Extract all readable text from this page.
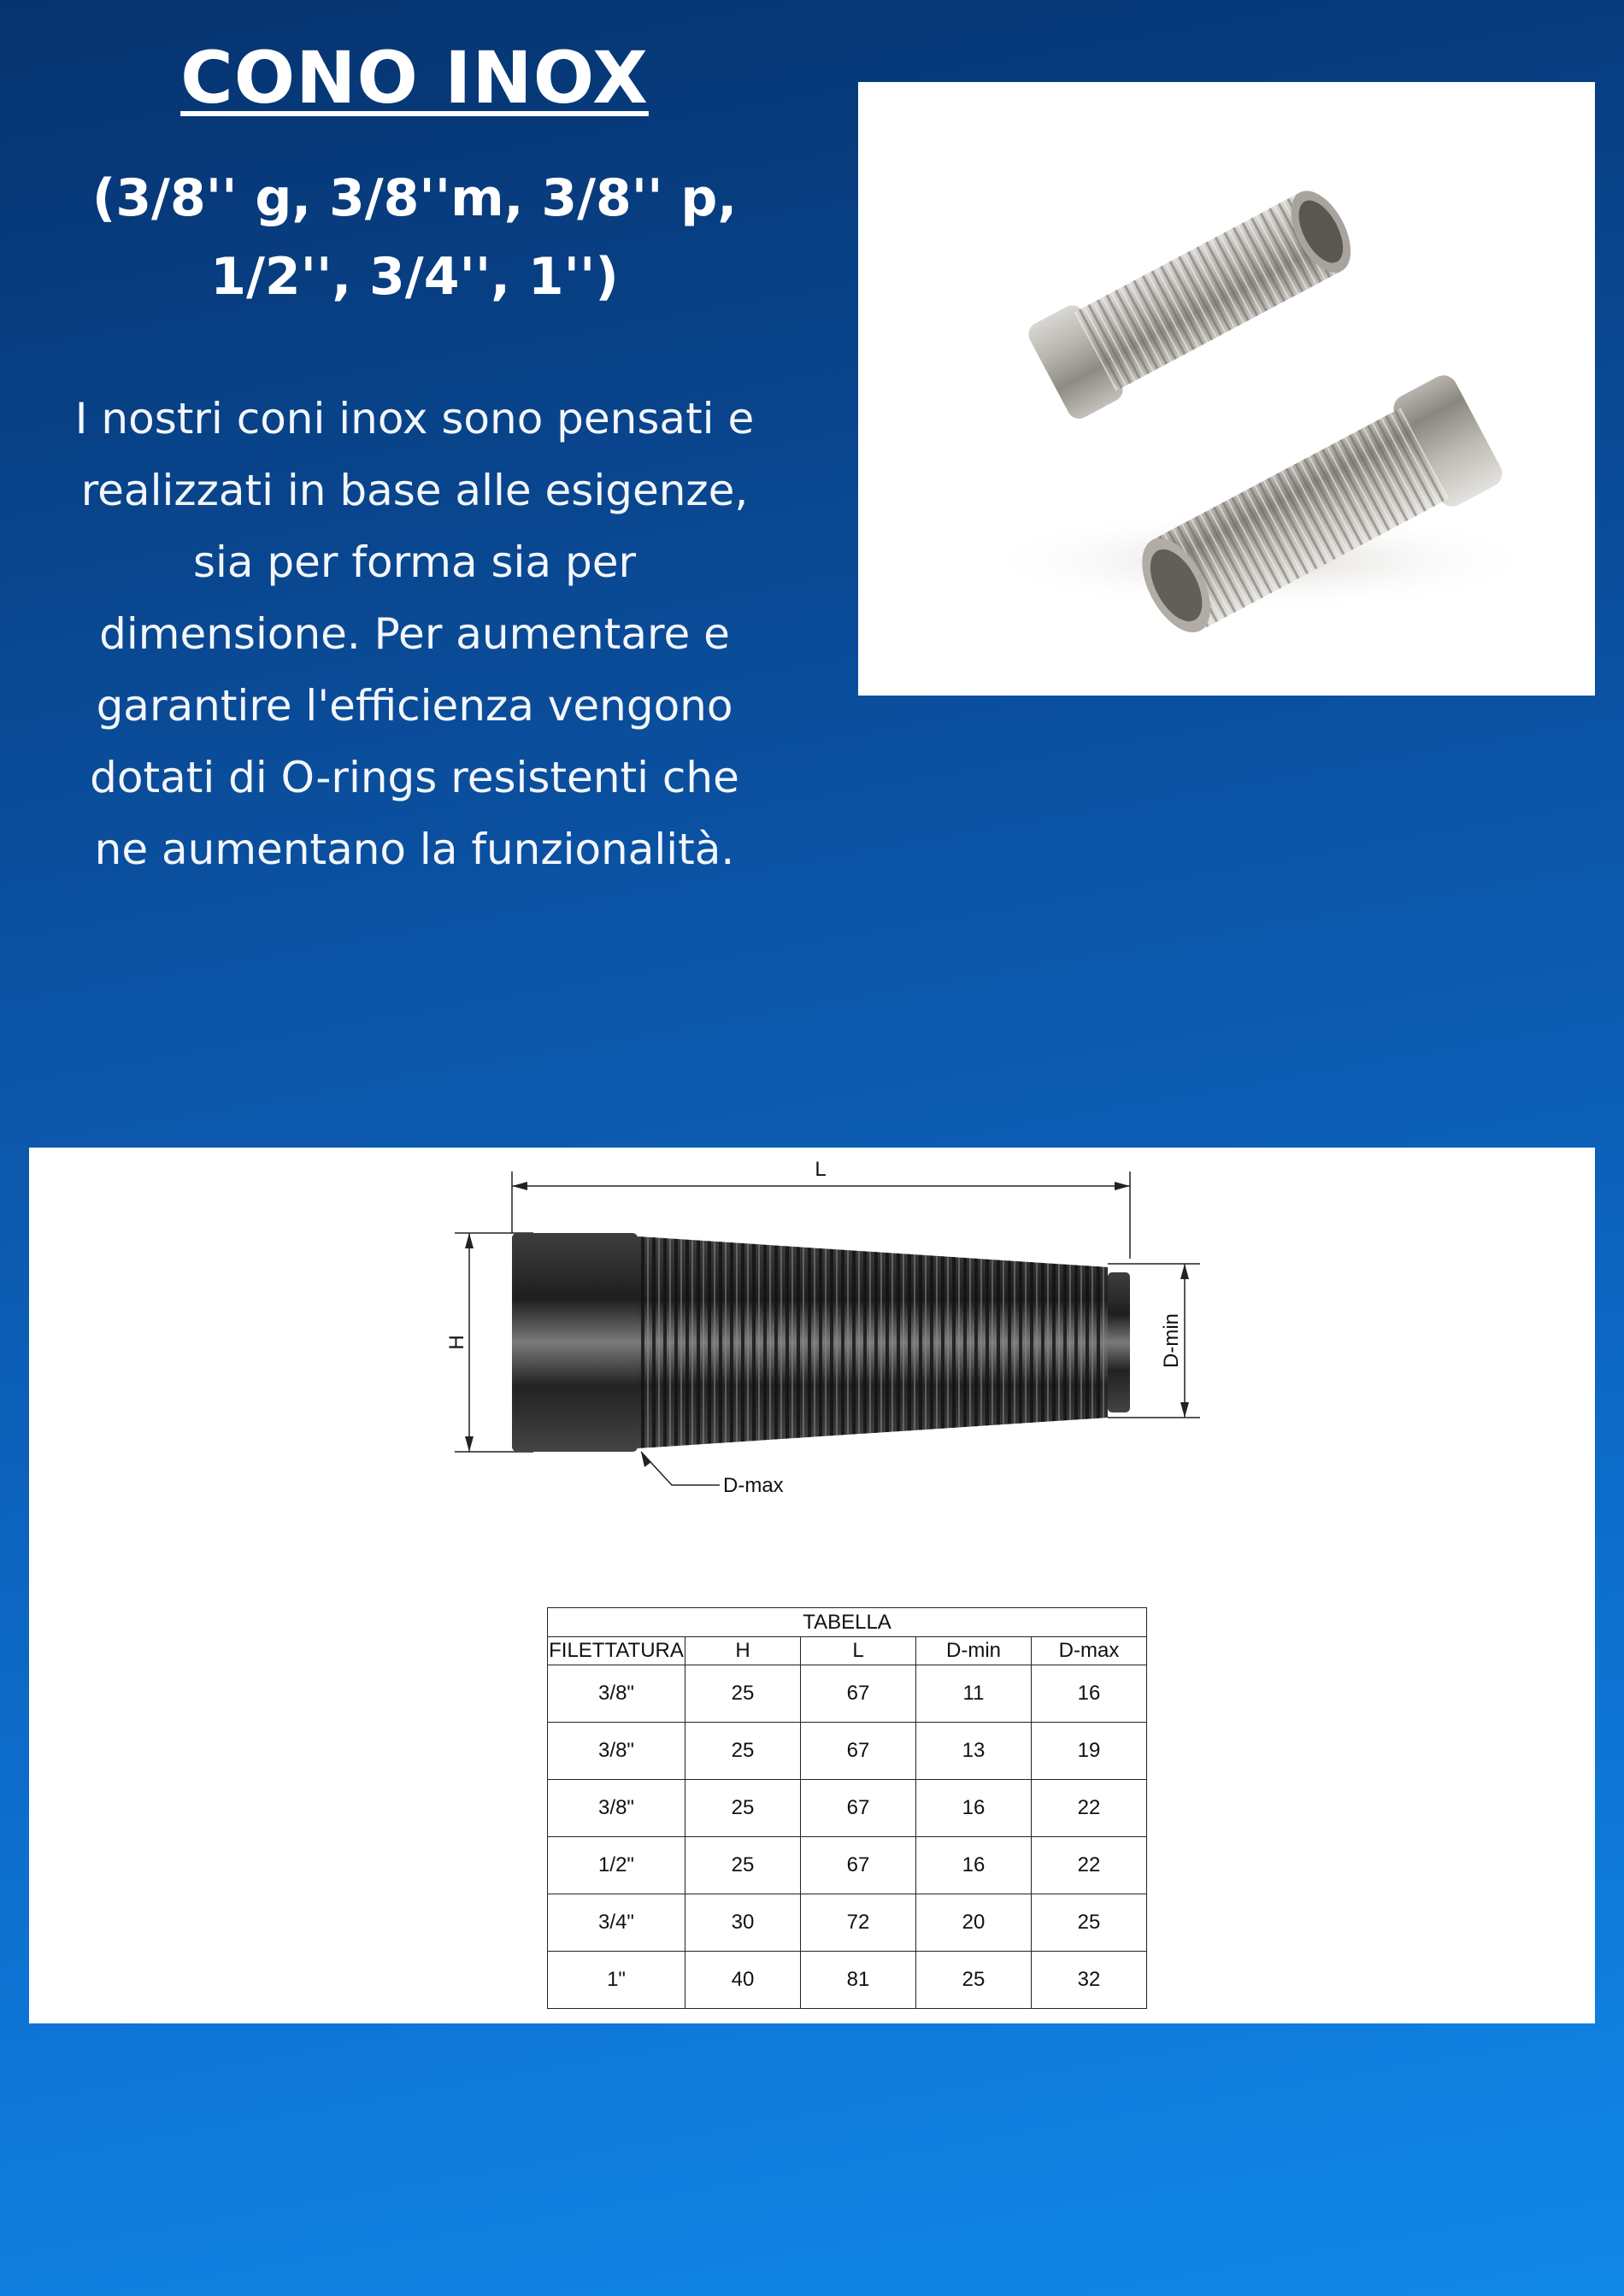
CONO INOX
(3/8'' g, 3/8''m, 3/8'' p,
1/2'', 3/4'', 1'')
I nostri coni inox sono pensati e
realizzati in base alle esigenze,
sia per forma sia per
dimensione. Per aumentare e
garantire l'efficienza vengono
dotati di O-rings resistenti che
ne aumentano la funzionalità.
L
H	D-min
D-max
TABELLA				
FILETTATURA	H	L	D-min	D-max
3/8"	25	67	11	16
3/8"	25	67	13	19
3/8"	25	67	16	22
1/2"	25	67	16	22
3/4"	30	72	20	25
1"	40	81	25	32
